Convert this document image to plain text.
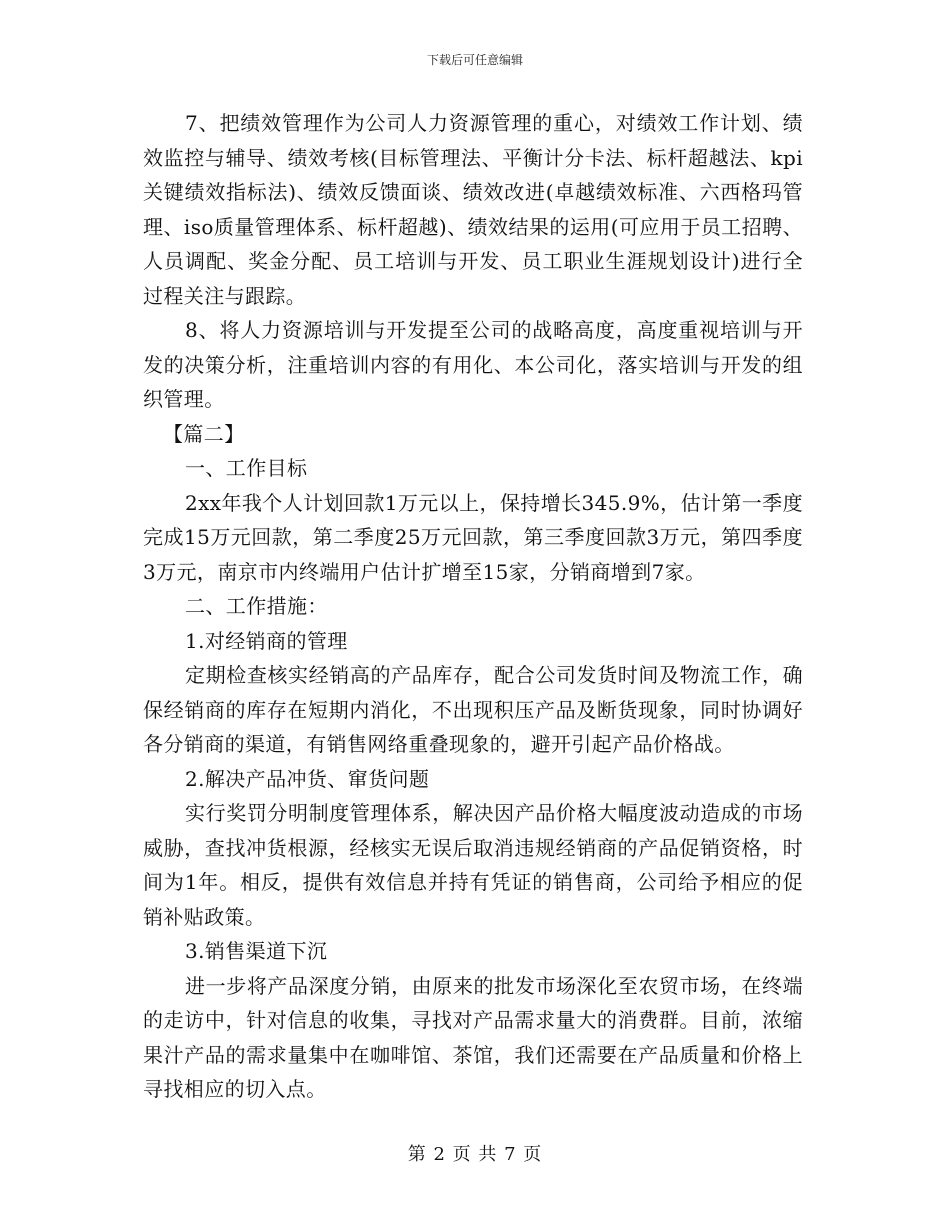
下载后可任意编辑

7、把绩效管理作为公司人力资源管理的重心，对绩效工作计划、绩效监控与辅导、绩效考核(目标管理法、平衡计分卡法、标杆超越法、kpi关键绩效指标法)、绩效反馈面谈、绩效改进(卓越绩效标准、六西格玛管理、iso质量管理体系、标杆超越)、绩效结果的运用(可应用于员工招聘、人员调配、奖金分配、员工培训与开发、员工职业生涯规划设计)进行全过程关注与跟踪。

8、将人力资源培训与开发提至公司的战略高度，高度重视培训与开发的决策分析，注重培训内容的有用化、本公司化，落实培训与开发的组织管理。

【篇二】

一、工作目标

2xx年我个人计划回款1万元以上，保持增长345.9%，估计第一季度完成15万元回款，第二季度25万元回款，第三季度回款3万元，第四季度3万元，南京市内终端用户估计扩增至15家，分销商增到7家。

二、工作措施：

1.对经销商的管理

定期检查核实经销高的产品库存，配合公司发货时间及物流工作，确保经销商的库存在短期内消化，不出现积压产品及断货现象，同时协调好各分销商的渠道，有销售网络重叠现象的，避开引起产品价格战。

2.解决产品冲货、窜货问题

实行奖罚分明制度管理体系，解决因产品价格大幅度波动造成的市场威胁，查找冲货根源，经核实无误后取消违规经销商的产品促销资格，时间为1年。相反，提供有效信息并持有凭证的销售商，公司给予相应的促销补贴政策。

3.销售渠道下沉

进一步将产品深度分销，由原来的批发市场深化至农贸市场，在终端的走访中，针对信息的收集，寻找对产品需求量大的消费群。目前，浓缩果汁产品的需求量集中在咖啡馆、茶馆，我们还需要在产品质量和价格上寻找相应的切入点。

第 2 页 共 7 页
